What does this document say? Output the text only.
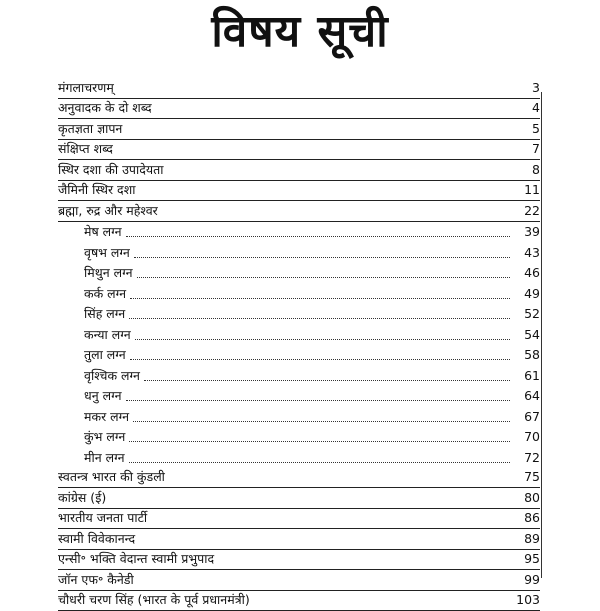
विषय सूची
मंगलाचरणम्	3
अनुवादक के दो शब्द	4
कृतज्ञता ज्ञापन	5
संक्षिप्त शब्द	7
स्थिर दशा की उपादेयता	8
जैमिनी स्थिर दशा	11
ब्रह्मा, रुद्र और महेश्वर	22
मेष लग्न	39
वृषभ लग्न	43
मिथुन लग्न	46
कर्क लग्न	49
सिंह लग्न	52
कन्या लग्न	54
तुला लग्न	58
वृश्चिक लग्न	61
धनु लग्न	64
मकर लग्न	67
कुंभ लग्न	70
मीन लग्न	72
स्वतन्त्र भारत की कुंडली	75
कांग्रेस (ई)	80
भारतीय जनता पार्टी	86
स्वामी विवेकानन्द	89
एन्सी॰ भक्ति वेदान्त स्वामी प्रभुपाद	95
जॉन एफ॰ कैनेडी	99
चौधरी चरण सिंह (भारत के पूर्व प्रधानमंत्री)	103
